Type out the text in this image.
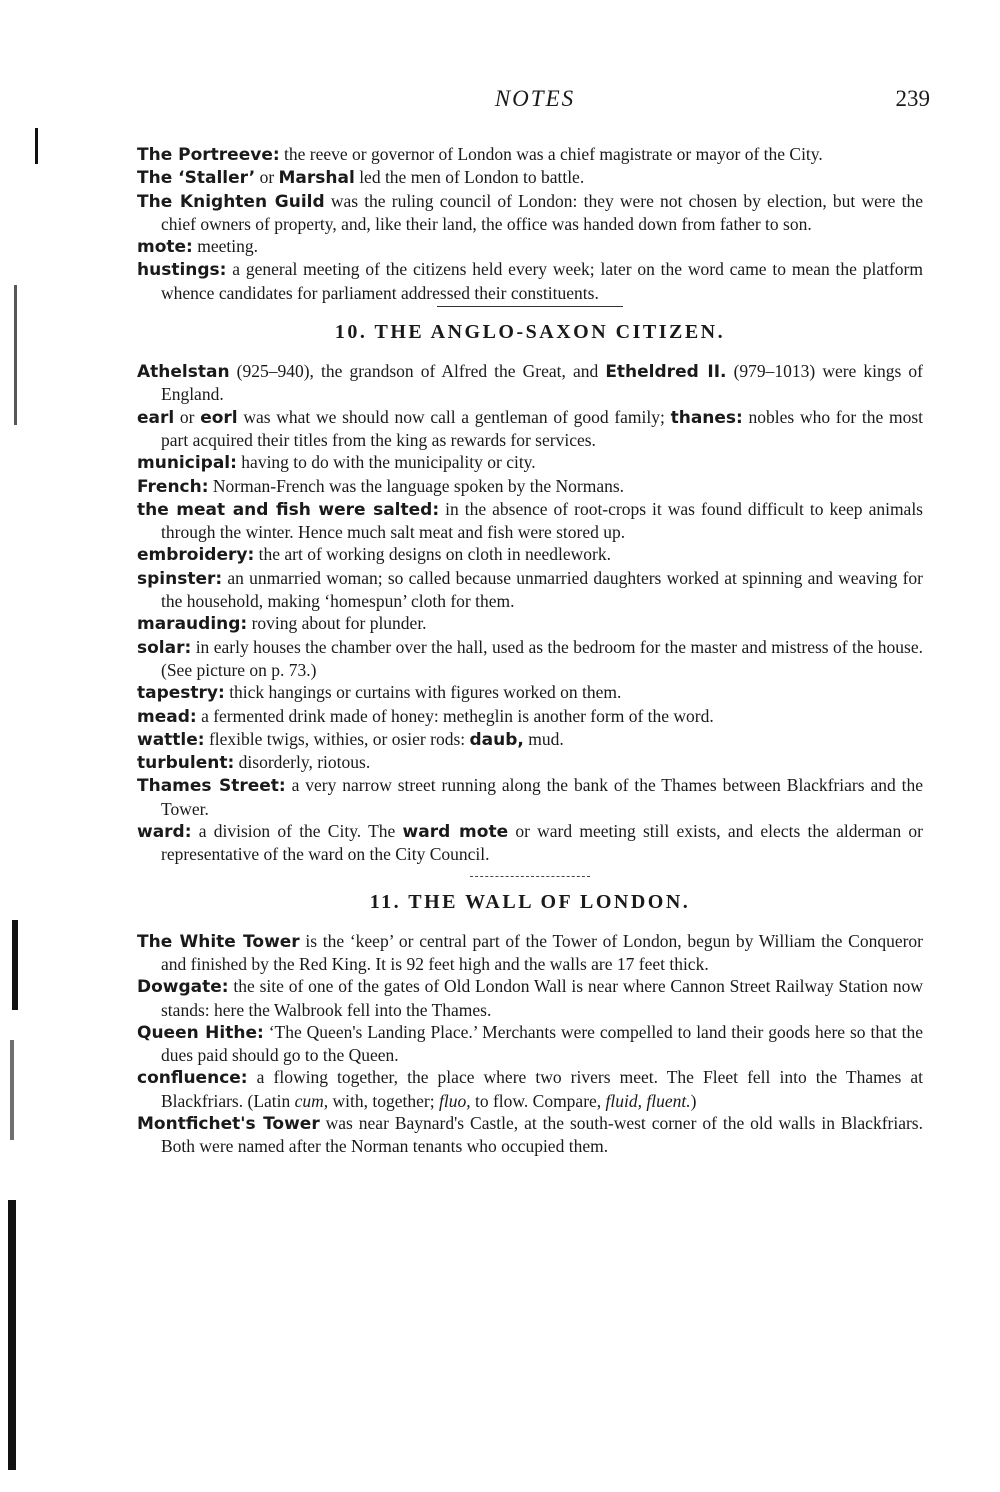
NOTES	239
The Portreeve: the reeve or governor of London was a chief magistrate or mayor of the City.
The ‘Staller’ or Marshal led the men of London to battle.
The Knighten Guild was the ruling council of London: they were not chosen by election, but were the chief owners of property, and, like their land, the office was handed down from father to son.
mote: meeting.
hustings: a general meeting of the citizens held every week; later on the word came to mean the platform whence candidates for parliament addressed their constituents.
10. THE ANGLO-SAXON CITIZEN.
Athelstan (925–940), the grandson of Alfred the Great, and Etheldred II. (979–1013) were kings of England.
earl or eorl was what we should now call a gentleman of good family; thanes: nobles who for the most part acquired their titles from the king as rewards for services.
municipal: having to do with the municipality or city.
French: Norman-French was the language spoken by the Normans.
the meat and fish were salted: in the absence of root-crops it was found difficult to keep animals through the winter. Hence much salt meat and fish were stored up.
embroidery: the art of working designs on cloth in needlework.
spinster: an unmarried woman; so called because unmarried daughters worked at spinning and weaving for the household, making ‘homespun’ cloth for them.
marauding: roving about for plunder.
solar: in early houses the chamber over the hall, used as the bedroom for the master and mistress of the house. (See picture on p. 73.)
tapestry: thick hangings or curtains with figures worked on them.
mead: a fermented drink made of honey: metheglin is another form of the word.
wattle: flexible twigs, withies, or osier rods: daub, mud.
turbulent: disorderly, riotous.
Thames Street: a very narrow street running along the bank of the Thames between Blackfriars and the Tower.
ward: a division of the City. The ward mote or ward meeting still exists, and elects the alderman or representative of the ward on the City Council.
11. THE WALL OF LONDON.
The White Tower is the ‘keep’ or central part of the Tower of London, begun by William the Conqueror and finished by the Red King. It is 92 feet high and the walls are 17 feet thick.
Dowgate: the site of one of the gates of Old London Wall is near where Cannon Street Railway Station now stands: here the Walbrook fell into the Thames.
Queen Hithe: ‘The Queen's Landing Place.’ Merchants were compelled to land their goods here so that the dues paid should go to the Queen.
confluence: a flowing together, the place where two rivers meet. The Fleet fell into the Thames at Blackfriars. (Latin cum, with, together; fluo, to flow. Compare, fluid, fluent.)
Montfichet's Tower was near Baynard's Castle, at the south-west corner of the old walls in Blackfriars. Both were named after the Norman tenants who occupied them.
